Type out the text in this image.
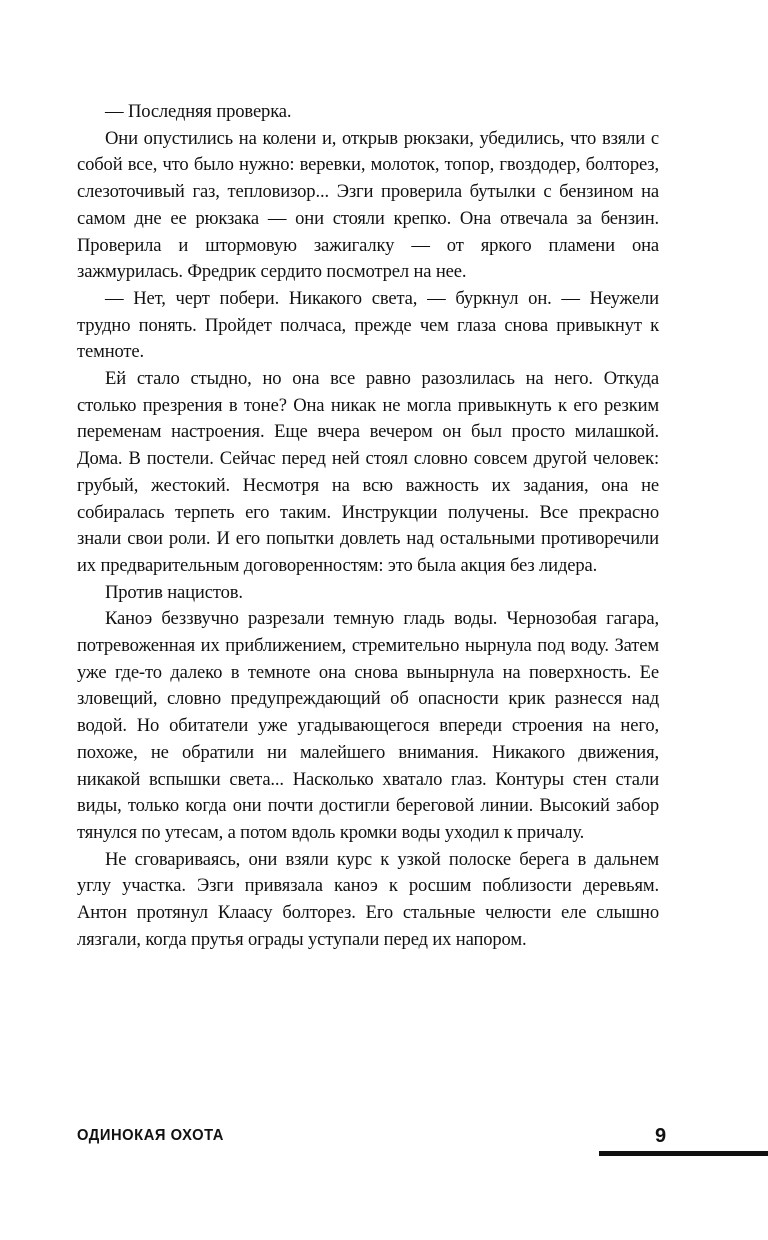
— Последняя проверка.

Они опустились на колени и, открыв рюкзаки, убедились, что взяли с собой все, что было нужно: веревки, молоток, топор, гвоздодер, болторез, слезоточивый газ, тепловизор... Эзги проверила бутылки с бензином на самом дне ее рюкзака — они стояли крепко. Она отвечала за бензин. Проверила и штормовую зажигалку — от яркого пламени она зажмурилась. Фредрик сердито посмотрел на нее.

— Нет, черт побери. Никакого света, — буркнул он. — Неужели трудно понять. Пройдет полчаса, прежде чем глаза снова привыкнут к темноте.

Ей стало стыдно, но она все равно разозлилась на него. Откуда столько презрения в тоне? Она никак не могла привыкнуть к его резким переменам настроения. Еще вчера вечером он был просто милашкой. Дома. В постели. Сейчас перед ней стоял словно совсем другой человек: грубый, жестокий. Несмотря на всю важность их задания, она не собиралась терпеть его таким. Инструкции получены. Все прекрасно знали свои роли. И его попытки довлеть над остальными противоречили их предварительным договоренностям: это была акция без лидера.

Против нацистов.

Каноэ беззвучно разрезали темную гладь воды. Чернозобая гагара, потревоженная их приближением, стремительно нырнула под воду. Затем уже где-то далеко в темноте она снова вынырнула на поверхность. Ее зловещий, словно предупреждающий об опасности крик разнесся над водой. Но обитатели уже угадывающегося впереди строения на него, похоже, не обратили ни малейшего внимания. Никакого движения, никакой вспышки света... Насколько хватало глаз. Контуры стен стали виды, только когда они почти достигли береговой линии. Высокий забор тянулся по утесам, а потом вдоль кромки воды уходил к причалу.

Не сговариваясь, они взяли курс к узкой полоске берега в дальнем углу участка. Эзги привязала каноэ к росшим поблизости деревьям. Антон протянул Клаасу болторез. Его стальные челюсти еле слышно лязгали, когда прутья ограды уступали перед их напором.

ОДИНОКАЯ ОХОТА	9
